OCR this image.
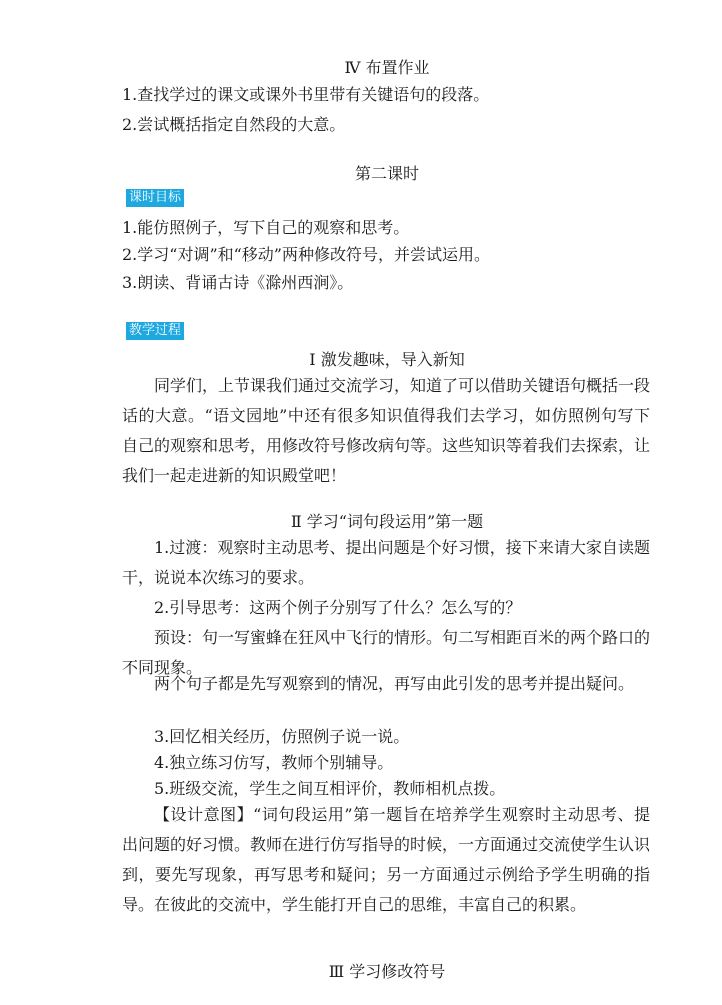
Ⅳ 布置作业
1.查找学过的课文或课外书里带有关键语句的段落。
2.尝试概括指定自然段的大意。
第二课时
课时目标
1.能仿照例子，写下自己的观察和思考。
2.学习“对调”和“移动”两种修改符号，并尝试运用。
3.朗读、背诵古诗《滁州西涧》。
教学过程
Ⅰ 激发趣味，导入新知
同学们，上节课我们通过交流学习，知道了可以借助关键语句概括一段话的大意。“语文园地”中还有很多知识值得我们去学习，如仿照例句写下自己的观察和思考，用修改符号修改病句等。这些知识等着我们去探索，让我们一起走进新的知识殿堂吧！
Ⅱ 学习“词句段运用”第一题
1.过渡：观察时主动思考、提出问题是个好习惯，接下来请大家自读题干，说说本次练习的要求。
2.引导思考：这两个例子分别写了什么？怎么写的？
预设：句一写蜜蜂在狂风中飞行的情形。句二写相距百米的两个路口的不同现象。
两个句子都是先写观察到的情况，再写由此引发的思考并提出疑问。
3.回忆相关经历，仿照例子说一说。
4.独立练习仿写，教师个别辅导。
5.班级交流，学生之间互相评价，教师相机点拨。
【设计意图】“词句段运用”第一题旨在培养学生观察时主动思考、提出问题的好习惯。教师在进行仿写指导的时候，一方面通过交流使学生认识到，要先写现象，再写思考和疑问；另一方面通过示例给予学生明确的指导。在彼此的交流中，学生能打开自己的思维，丰富自己的积累。
Ⅲ 学习修改符号
